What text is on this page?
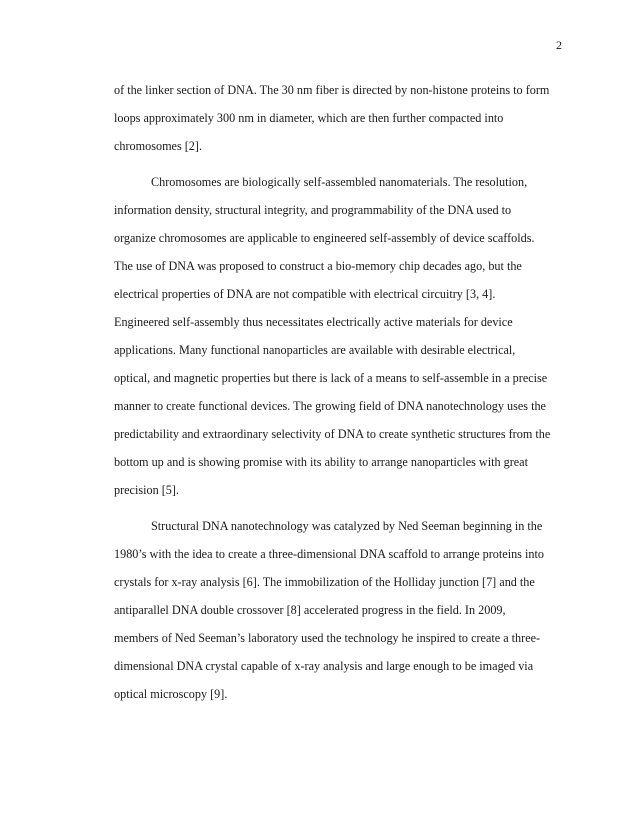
2
of the linker section of DNA. The 30 nm fiber is directed by non-histone proteins to form
loops approximately 300 nm in diameter, which are then further compacted into
chromosomes [2].
Chromosomes are biologically self-assembled nanomaterials. The resolution,
information density, structural integrity, and programmability of the DNA used to
organize chromosomes are applicable to engineered self-assembly of device scaffolds.
The use of DNA was proposed to construct a bio-memory chip decades ago, but the
electrical properties of DNA are not compatible with electrical circuitry [3, 4].
Engineered self-assembly thus necessitates electrically active materials for device
applications. Many functional nanoparticles are available with desirable electrical,
optical, and magnetic properties but there is lack of a means to self-assemble in a precise
manner to create functional devices. The growing field of DNA nanotechnology uses the
predictability and extraordinary selectivity of DNA to create synthetic structures from the
bottom up and is showing promise with its ability to arrange nanoparticles with great
precision [5].
Structural DNA nanotechnology was catalyzed by Ned Seeman beginning in the
1980’s with the idea to create a three-dimensional DNA scaffold to arrange proteins into
crystals for x-ray analysis [6]. The immobilization of the Holliday junction [7] and the
antiparallel DNA double crossover [8] accelerated progress in the field. In 2009,
members of Ned Seeman’s laboratory used the technology he inspired to create a three-
dimensional DNA crystal capable of x-ray analysis and large enough to be imaged via
optical microscopy [9].
